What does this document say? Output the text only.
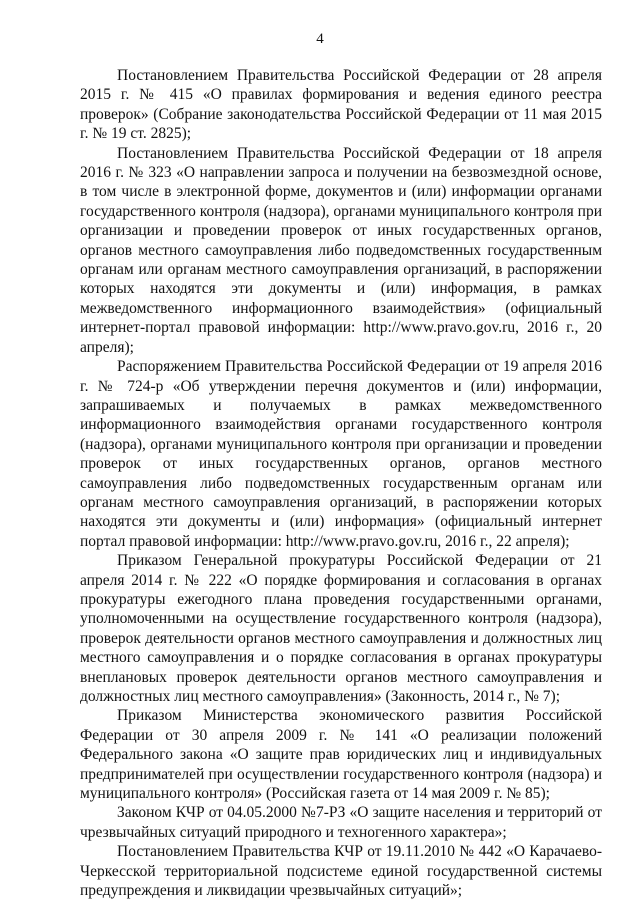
4

Постановлением Правительства Российской Федерации от 28 апреля 2015 г. № 415 «О правилах формирования и ведения единого реестра проверок» (Собрание законодательства Российской Федерации от 11 мая 2015 г. № 19 ст. 2825);

Постановлением Правительства Российской Федерации от 18 апреля 2016 г. № 323 «О направлении запроса и получении на безвозмездной основе, в том числе в электронной форме, документов и (или) информации органами государственного контроля (надзора), органами муниципального контроля при организации и проведении проверок от иных государственных органов, органов местного самоуправления либо подведомственных государственным органам или органам местного самоуправления организаций, в распоряжении которых находятся эти документы и (или) информация, в рамках межведомственного информационного взаимодействия» (официальный интернет-портал правовой информации: http://www.pravo.gov.ru, 2016 г., 20 апреля);

Распоряжением Правительства Российской Федерации от 19 апреля 2016 г. № 724-р «Об утверждении перечня документов и (или) информации, запрашиваемых и получаемых в рамках межведомственного информационного взаимодействия органами государственного контроля (надзора), органами муниципального контроля при организации и проведении проверок от иных государственных органов, органов местного самоуправления либо подведомственных государственным органам или органам местного самоуправления организаций, в распоряжении которых находятся эти документы и (или) информация» (официальный интернет портал правовой информации: http://www.pravo.gov.ru, 2016 г., 22 апреля);

Приказом Генеральной прокуратуры Российской Федерации от 21 апреля 2014 г. № 222 «О порядке формирования и согласования в органах прокуратуры ежегодного плана проведения государственными органами, уполномоченными на осуществление государственного контроля (надзора), проверок деятельности органов местного самоуправления и должностных лиц местного самоуправления и о порядке согласования в органах прокуратуры внеплановых проверок деятельности органов местного самоуправления и должностных лиц местного самоуправления» (Законность, 2014 г., № 7);

Приказом Министерства экономического развития Российской Федерации от 30 апреля 2009 г. № 141 «О реализации положений Федерального закона «О защите прав юридических лиц и индивидуальных предпринимателей при осуществлении государственного контроля (надзора) и муниципального контроля» (Российская газета от 14 мая 2009 г. № 85);

Законом КЧР от 04.05.2000 №7-РЗ «О защите населения и территорий от чрезвычайных ситуаций природного и техногенного характера»;

Постановлением Правительства КЧР от 19.11.2010 № 442 «О Карачаево-Черкесской территориальной подсистеме единой государственной системы предупреждения и ликвидации чрезвычайных ситуаций»;
